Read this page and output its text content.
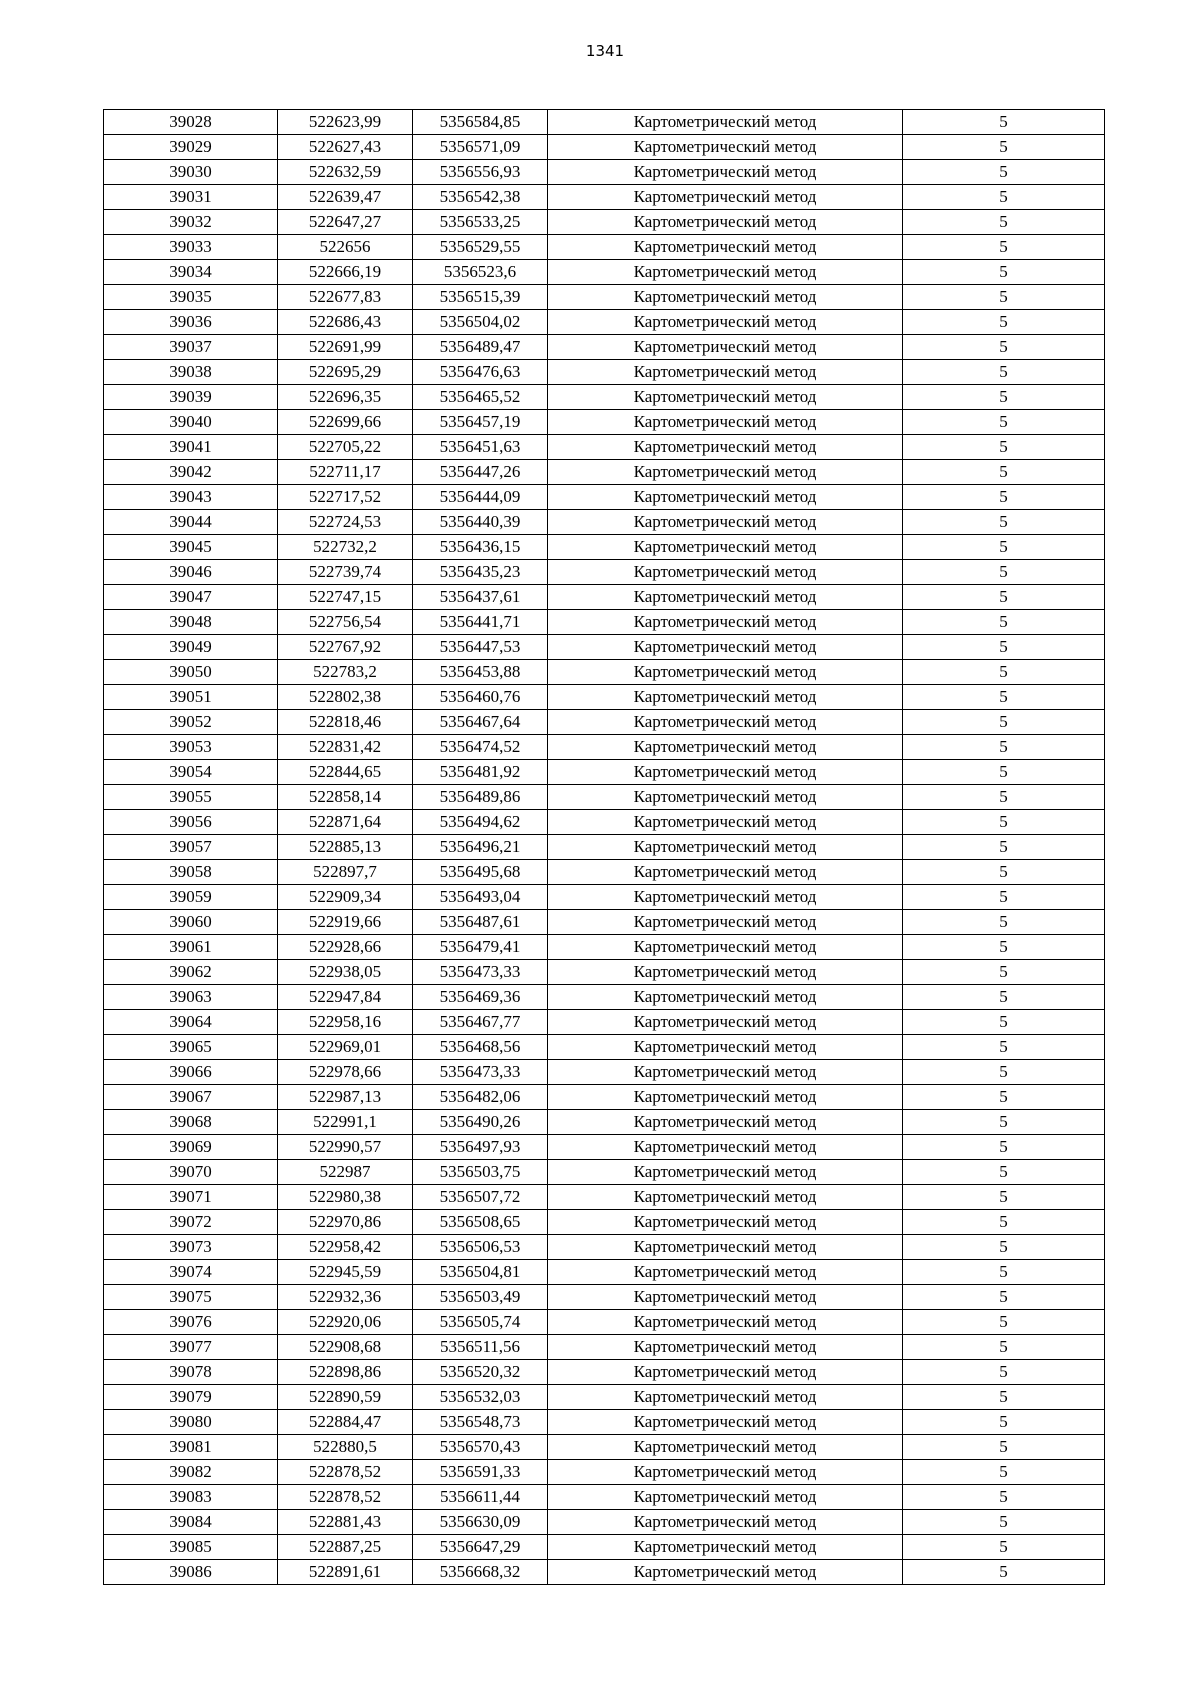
1341
39028	522623,99	5356584,85	Картометрический метод	5
39029	522627,43	5356571,09	Картометрический метод	5
39030	522632,59	5356556,93	Картометрический метод	5
39031	522639,47	5356542,38	Картометрический метод	5
39032	522647,27	5356533,25	Картометрический метод	5
39033	522656	5356529,55	Картометрический метод	5
39034	522666,19	5356523,6	Картометрический метод	5
39035	522677,83	5356515,39	Картометрический метод	5
39036	522686,43	5356504,02	Картометрический метод	5
39037	522691,99	5356489,47	Картометрический метод	5
39038	522695,29	5356476,63	Картометрический метод	5
39039	522696,35	5356465,52	Картометрический метод	5
39040	522699,66	5356457,19	Картометрический метод	5
39041	522705,22	5356451,63	Картометрический метод	5
39042	522711,17	5356447,26	Картометрический метод	5
39043	522717,52	5356444,09	Картометрический метод	5
39044	522724,53	5356440,39	Картометрический метод	5
39045	522732,2	5356436,15	Картометрический метод	5
39046	522739,74	5356435,23	Картометрический метод	5
39047	522747,15	5356437,61	Картометрический метод	5
39048	522756,54	5356441,71	Картометрический метод	5
39049	522767,92	5356447,53	Картометрический метод	5
39050	522783,2	5356453,88	Картометрический метод	5
39051	522802,38	5356460,76	Картометрический метод	5
39052	522818,46	5356467,64	Картометрический метод	5
39053	522831,42	5356474,52	Картометрический метод	5
39054	522844,65	5356481,92	Картометрический метод	5
39055	522858,14	5356489,86	Картометрический метод	5
39056	522871,64	5356494,62	Картометрический метод	5
39057	522885,13	5356496,21	Картометрический метод	5
39058	522897,7	5356495,68	Картометрический метод	5
39059	522909,34	5356493,04	Картометрический метод	5
39060	522919,66	5356487,61	Картометрический метод	5
39061	522928,66	5356479,41	Картометрический метод	5
39062	522938,05	5356473,33	Картометрический метод	5
39063	522947,84	5356469,36	Картометрический метод	5
39064	522958,16	5356467,77	Картометрический метод	5
39065	522969,01	5356468,56	Картометрический метод	5
39066	522978,66	5356473,33	Картометрический метод	5
39067	522987,13	5356482,06	Картометрический метод	5
39068	522991,1	5356490,26	Картометрический метод	5
39069	522990,57	5356497,93	Картометрический метод	5
39070	522987	5356503,75	Картометрический метод	5
39071	522980,38	5356507,72	Картометрический метод	5
39072	522970,86	5356508,65	Картометрический метод	5
39073	522958,42	5356506,53	Картометрический метод	5
39074	522945,59	5356504,81	Картометрический метод	5
39075	522932,36	5356503,49	Картометрический метод	5
39076	522920,06	5356505,74	Картометрический метод	5
39077	522908,68	5356511,56	Картометрический метод	5
39078	522898,86	5356520,32	Картометрический метод	5
39079	522890,59	5356532,03	Картометрический метод	5
39080	522884,47	5356548,73	Картометрический метод	5
39081	522880,5	5356570,43	Картометрический метод	5
39082	522878,52	5356591,33	Картометрический метод	5
39083	522878,52	5356611,44	Картометрический метод	5
39084	522881,43	5356630,09	Картометрический метод	5
39085	522887,25	5356647,29	Картометрический метод	5
39086	522891,61	5356668,32	Картометрический метод	5
